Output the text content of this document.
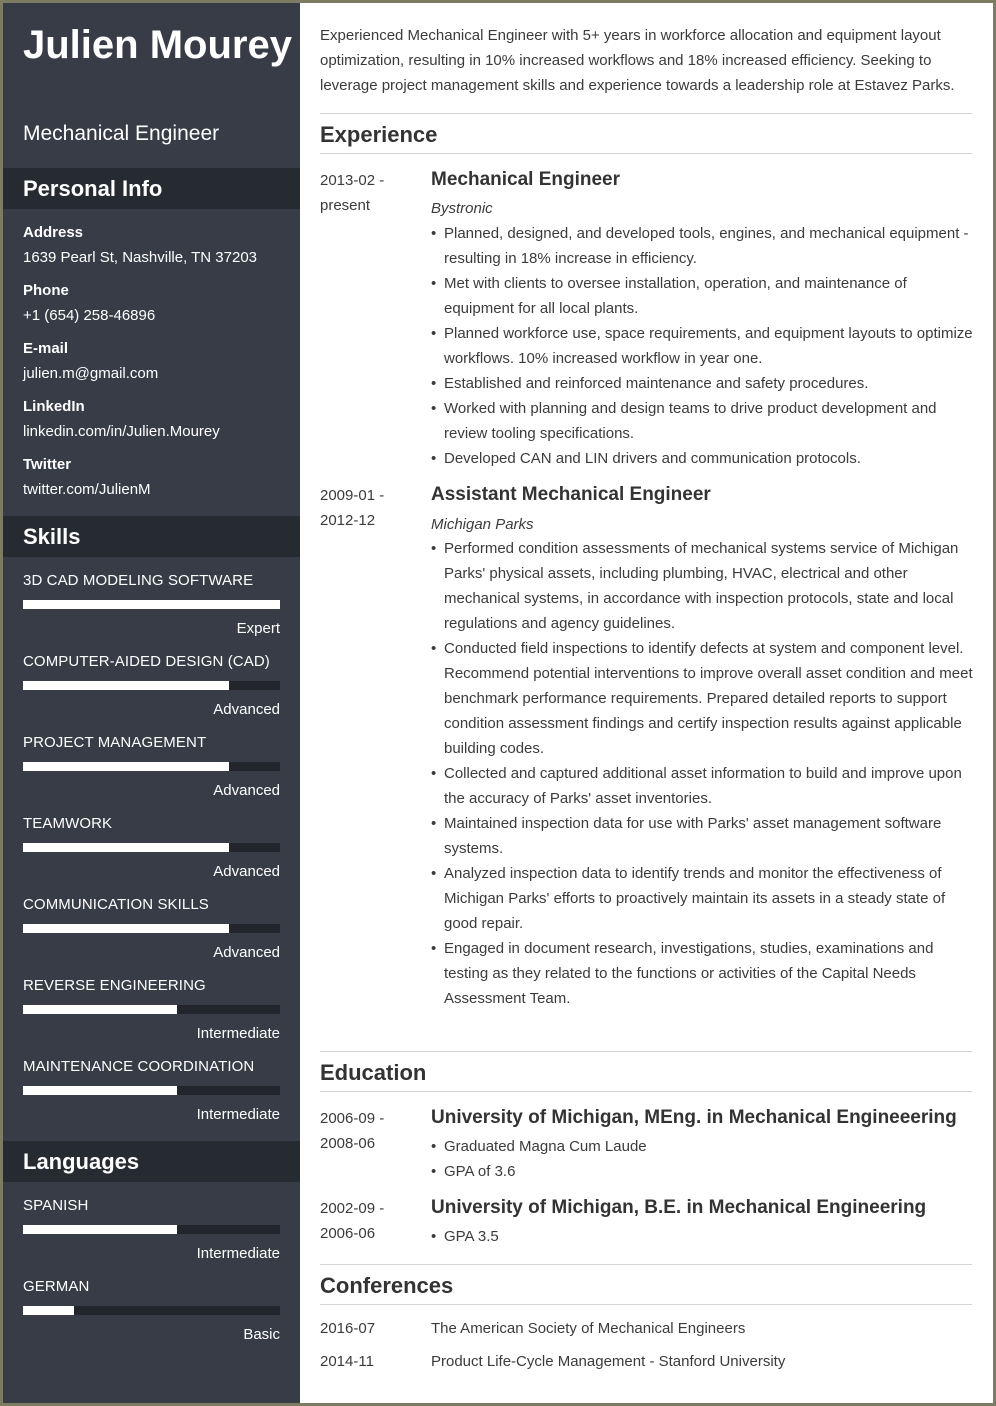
Julien Mourey
Mechanical Engineer
Personal Info
Address
1639 Pearl St, Nashville, TN 37203
Phone
+1 (654) 258-46896
E-mail
julien.m@gmail.com
LinkedIn
linkedin.com/in/Julien.Mourey
Twitter
twitter.com/JulienM
Skills
3D CAD MODELING SOFTWARE
Expert
COMPUTER-AIDED DESIGN (CAD)
Advanced
PROJECT MANAGEMENT
Advanced
TEAMWORK
Advanced
COMMUNICATION SKILLS
Advanced
REVERSE ENGINEERING
Intermediate
MAINTENANCE COORDINATION
Intermediate
Languages
SPANISH
Intermediate
GERMAN
Basic

Experienced Mechanical Engineer with 5+ years in workforce allocation and equipment layout optimization, resulting in 10% increased workflows and 18% increased efficiency. Seeking to leverage project management skills and experience towards a leadership role at Estavez Parks.

Experience
2013-02 -
present
Mechanical Engineer
Bystronic
• Planned, designed, and developed tools, engines, and mechanical equipment - resulting in 18% increase in efficiency.
• Met with clients to oversee installation, operation, and maintenance of equipment for all local plants.
• Planned workforce use, space requirements, and equipment layouts to optimize workflows. 10% increased workflow in year one.
• Established and reinforced maintenance and safety procedures.
• Worked with planning and design teams to drive product development and review tooling specifications.
• Developed CAN and LIN drivers and communication protocols.
2009-01 -
2012-12
Assistant Mechanical Engineer
Michigan Parks
• Performed condition assessments of mechanical systems service of Michigan Parks' physical assets, including plumbing, HVAC, electrical and other mechanical systems, in accordance with inspection protocols, state and local regulations and agency guidelines.
• Conducted field inspections to identify defects at system and component level. Recommend potential interventions to improve overall asset condition and meet benchmark performance requirements. Prepared detailed reports to support condition assessment findings and certify inspection results against applicable building codes.
• Collected and captured additional asset information to build and improve upon the accuracy of Parks' asset inventories.
• Maintained inspection data for use with Parks' asset management software systems.
• Analyzed inspection data to identify trends and monitor the effectiveness of Michigan Parks' efforts to proactively maintain its assets in a steady state of good repair.
• Engaged in document research, investigations, studies, examinations and testing as they related to the functions or activities of the Capital Needs Assessment Team.
Education
2006-09 -
2008-06
University of Michigan, MEng. in Mechanical Engineeering
• Graduated Magna Cum Laude
• GPA of 3.6
2002-09 -
2006-06
University of Michigan, B.E. in Mechanical Engineering
• GPA 3.5
Conferences
2016-07	The American Society of Mechanical Engineers
2014-11	Product Life-Cycle Management - Stanford University
